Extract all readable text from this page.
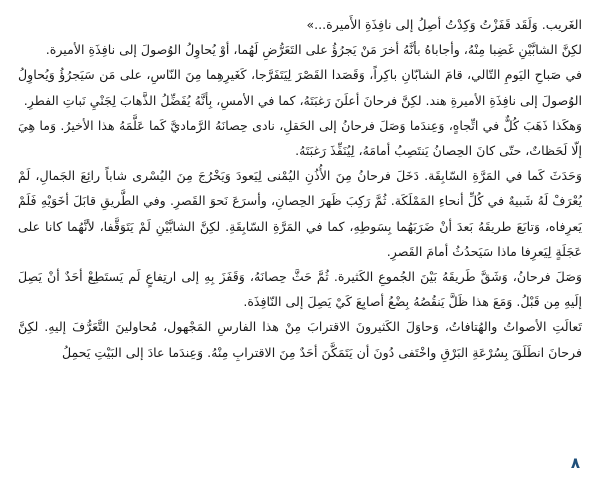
الغَريب. وَلَقَد قَفَزْتُ وَكِدْتُ أصِلُ إلى نافِذَةِ الأَميرة...»

لكِنَّ الشابَّيْنِ غَضِبا مِنْهُ، وأجاباهُ بأنَّهُ أخرَ مَنْ يَجرُؤُ على التَعَرُّضِ لَهُما، أوْ يُحاوِلُ الوُصولَ إلى نافِذَةِ الأميرة.

في صَباحِ اليَومِ التّالي، قامَ الشابّانِ باكِراً، وَقَصَدا القَصْرَ لِيَتَفَرَّجا، كَغَيرِهِما مِنَ النّاسِ، على مَن سَيَجرُؤُ وَيُحاوِلُ الوُصولَ إلى نافِذَةِ الأميرةِ هند. لكِنَّ فرحانَ أعلَنَ رَغبَتَهُ، كما في الأمسِ، بِأنَّهُ يُفَضِّلُ الذَّهابَ لِجَنْيِ نَباتِ الفطرِ.

وَهكَذا ذَهَبَ كُلٌّ في اتِّجاهٍ، وَعِندَما وَصَلَ فرحانُ إلى الحَقلِ، نادى حِصانَهُ الرَّماديَّ كَما عَلَّمَهُ هذا الأخيرُ. وَما هِيَ إلّا لَحَظاتٌ، حتّى كانَ الحِصانُ يَنتَصِبُ أمامَهُ، لِيُنَفِّذَ رَغبَتَهُ.

وَحَدَثَ كَما في المَرَّةِ السّابِقَة. دَخَلَ فرحانُ مِنَ الأُذُنِ اليُمْنى لِيَعودَ وَيَخْرُجَ مِنَ اليُسْرى شاباً رائِعَ الجَمالِ، لَمْ يُعْرَفْ لَهُ شَبيهٌ في كُلِّ أنحاءِ المَمْلَكَة. ثُمَّ رَكِبَ ظَهرَ الحِصانِ، وأسرَعَ نَحوَ القَصرِ. وفي الطَّريقِ قابَلَ أخَوَيْهِ فَلَمْ يَعرِفاه، وَتابَعَ طريقَهُ بَعدَ أنْ ضَرَبَهُما بِسَوطِهِ، كما في المَرَّةِ السّابِقَةِ. لكِنَّ الشابَّيْنِ لَمْ يَتَوَقَّفا، لأنَّهُما كانا على عَجَلَةٍ لِيَعرِفا ماذا سَيَحدُثُ أمامَ القَصرِ.

وَصَلَ فرحانُ، وَشَقَّ طَريقَهُ بَيْنَ الجُموعِ الكَثيرة. ثُمَّ حَثَّ حِصانَهُ، وَقَفَزَ بِهِ إلى ارتِفاعٍ لَم يَستَطِعْ أحَدٌ أنْ يَصِلَ إلَيهِ مِن قَبْلُ. وَمَعَ هذا ظَلَّ يَنقُصُهُ بِضْعُ أصابِعَ كَيْ يَصِلَ إلى النّافِذَة.

تَعالَتِ الأصواتُ والهُتافاتُ، وَحاوَلَ الكَثيرونَ الاقترابَ مِنْ هذا الفارسِ المَجْهول، مُحاولينَ التَّعَرُّفَ إليهِ. لكِنَّ فرحانَ انطَلَقَ بِسُرْعَةِ البَرْقِ واخْتَفى دُونَ أن يَتَمَكَّنَ أحَدٌ مِنَ الاقترابِ مِنْهُ. وَعِندَما عادَ إلى البَيْتِ يَحمِلُ

٨
